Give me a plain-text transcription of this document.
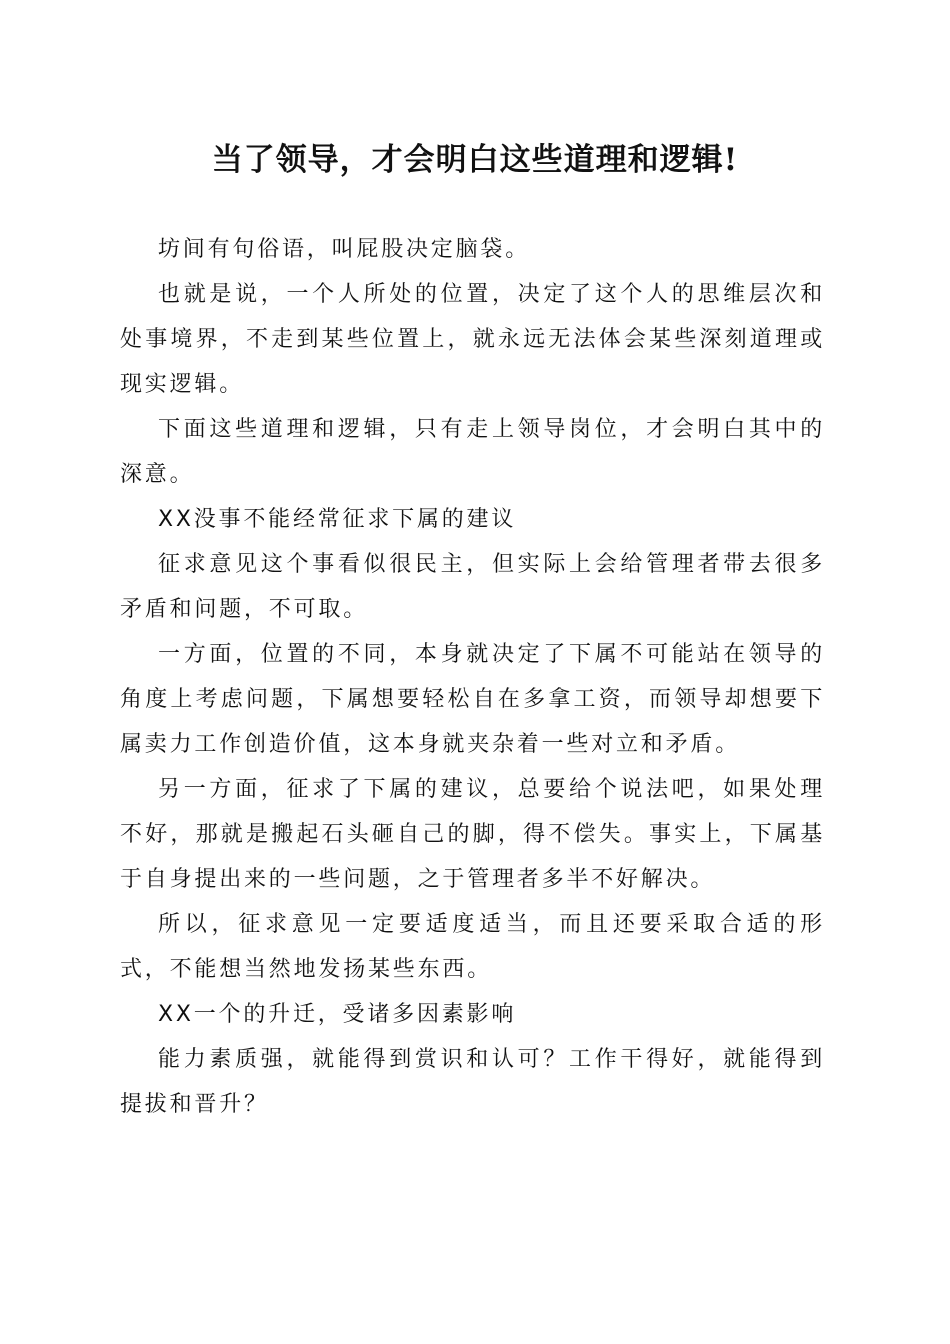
当了领导，才会明白这些道理和逻辑!

坊间有句俗语，叫屁股决定脑袋。

也就是说，一个人所处的位置，决定了这个人的思维层次和处事境界，不走到某些位置上，就永远无法体会某些深刻道理或现实逻辑。

下面这些道理和逻辑，只有走上领导岗位，才会明白其中的深意。

XX没事不能经常征求下属的建议

征求意见这个事看似很民主，但实际上会给管理者带去很多矛盾和问题，不可取。

一方面，位置的不同，本身就决定了下属不可能站在领导的角度上考虑问题，下属想要轻松自在多拿工资，而领导却想要下属卖力工作创造价值，这本身就夹杂着一些对立和矛盾。

另一方面，征求了下属的建议，总要给个说法吧，如果处理不好，那就是搬起石头砸自己的脚，得不偿失。事实上，下属基于自身提出来的一些问题，之于管理者多半不好解决。

所以，征求意见一定要适度适当，而且还要采取合适的形式，不能想当然地发扬某些东西。

XX一个的升迁，受诸多因素影响

能力素质强，就能得到赏识和认可？工作干得好，就能得到提拔和晋升？
